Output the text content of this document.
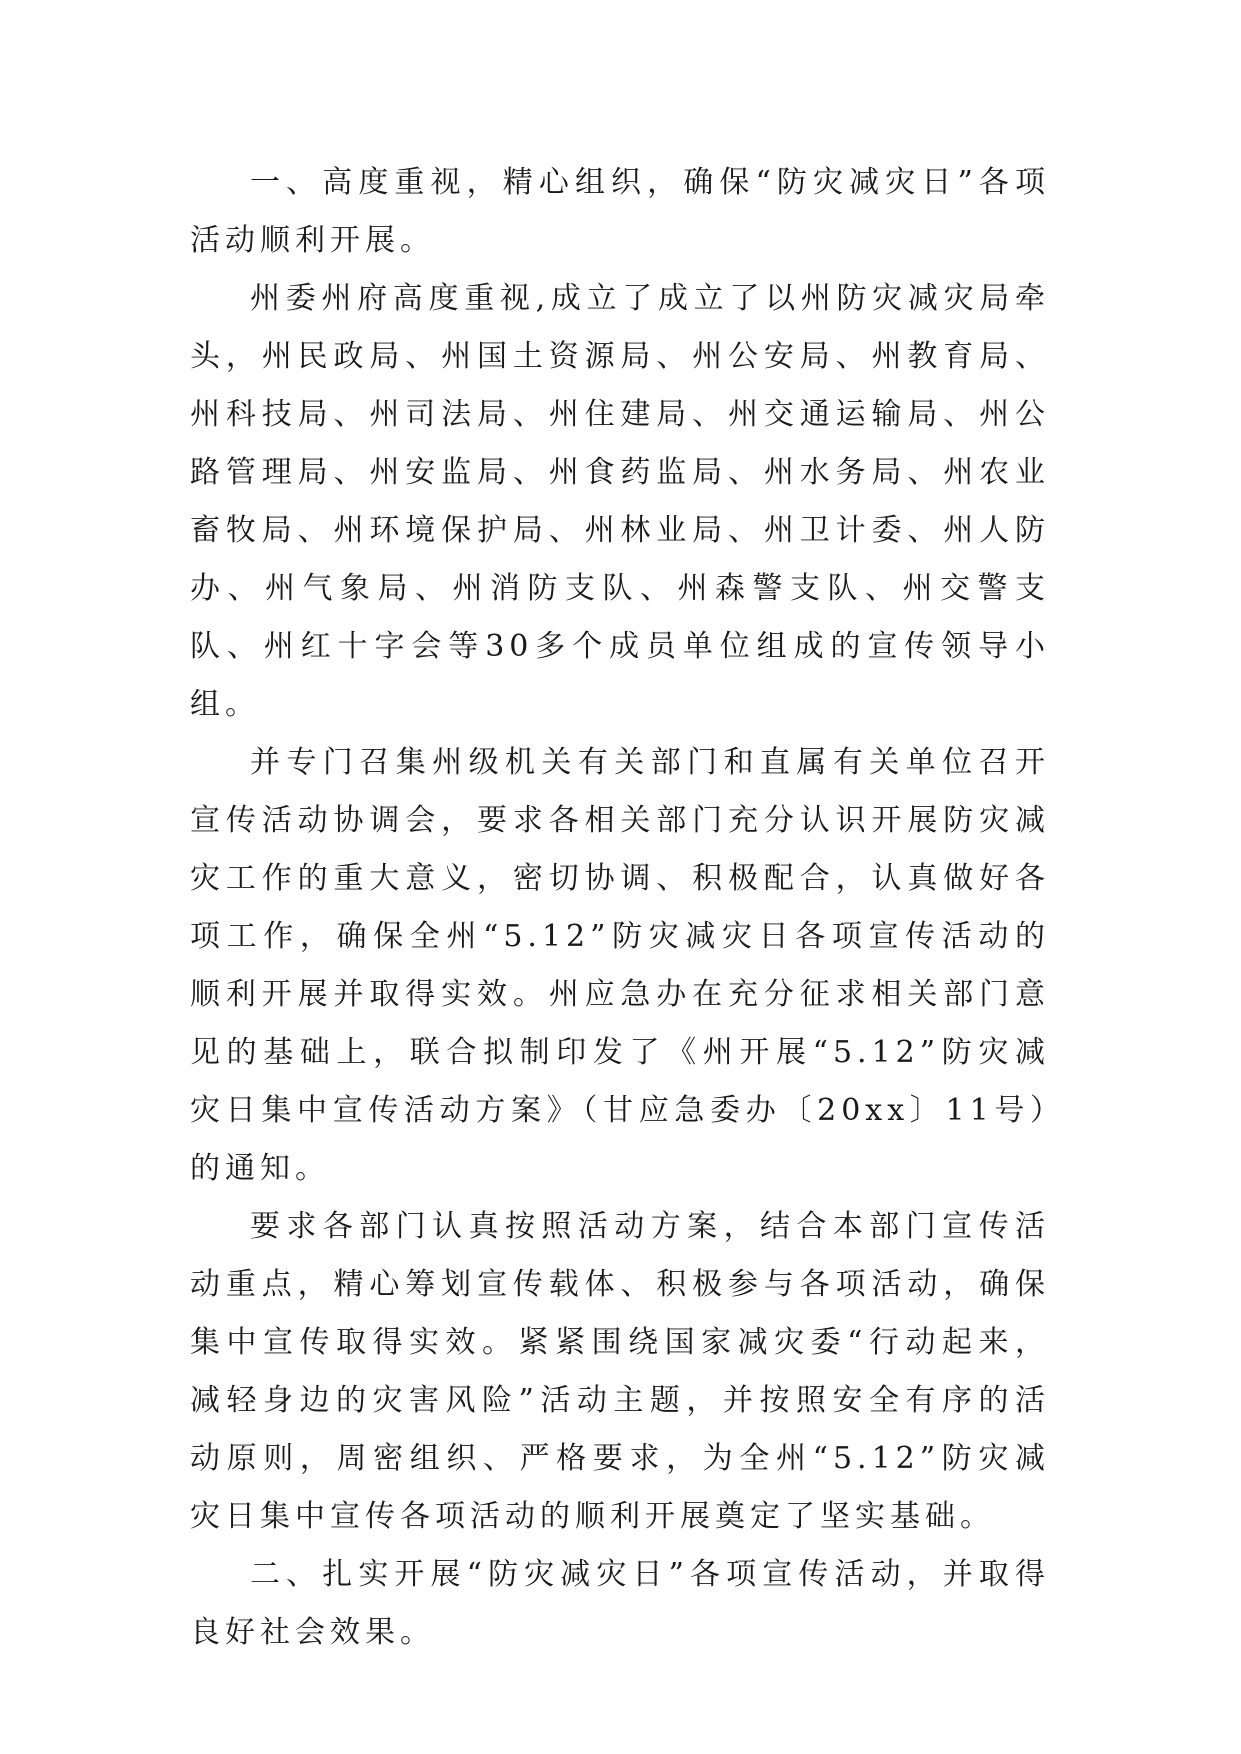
一、高度重视，精心组织，确保“防灾减灾日”各项活动顺利开展。

州委州府高度重视,成立了成立了以州防灾减灾局牵头，州民政局、州国土资源局、州公安局、州教育局、州科技局、州司法局、州住建局、州交通运输局、州公路管理局、州安监局、州食药监局、州水务局、州农业畜牧局、州环境保护局、州林业局、州卫计委、州人防办、州气象局、州消防支队、州森警支队、州交警支队、州红十字会等30多个成员单位组成的宣传领导小组。

并专门召集州级机关有关部门和直属有关单位召开宣传活动协调会，要求各相关部门充分认识开展防灾减灾工作的重大意义，密切协调、积极配合，认真做好各项工作，确保全州“5.12”防灾减灾日各项宣传活动的顺利开展并取得实效。州应急办在充分征求相关部门意见的基础上，联合拟制印发了《州开展“5.12”防灾减灾日集中宣传活动方案》（甘应急委办〔20xx〕11号）的通知。

要求各部门认真按照活动方案，结合本部门宣传活动重点，精心筹划宣传载体、积极参与各项活动，确保集中宣传取得实效。紧紧围绕国家减灾委“行动起来，减轻身边的灾害风险”活动主题，并按照安全有序的活动原则，周密组织、严格要求，为全州“5.12”防灾减灾日集中宣传各项活动的顺利开展奠定了坚实基础。

二、扎实开展“防灾减灾日”各项宣传活动，并取得良好社会效果。
